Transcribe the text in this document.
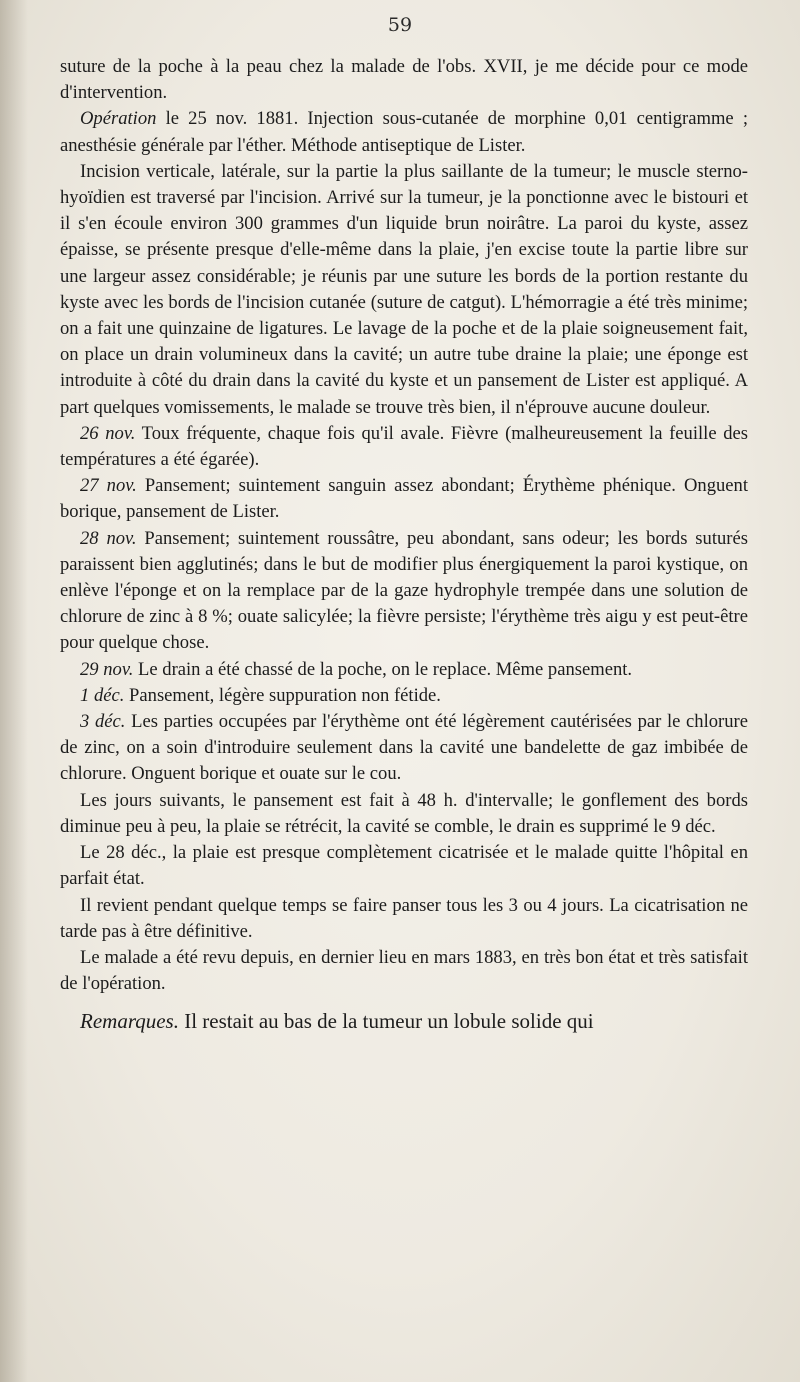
59

suture de la poche à la peau chez la malade de l'obs. XVII, je me décide pour ce mode d'intervention.

Opération le 25 nov. 1881. Injection sous-cutanée de morphine 0,01 centigramme ; anesthésie générale par l'éther. Méthode antiseptique de Lister.

Incision verticale, latérale, sur la partie la plus saillante de la tumeur; le muscle sterno-hyoïdien est traversé par l'incision. Arrivé sur la tumeur, je la ponctionne avec le bistouri et il s'en écoule environ 300 grammes d'un liquide brun noirâtre. La paroi du kyste, assez épaisse, se présente presque d'elle-même dans la plaie, j'en excise toute la partie libre sur une largeur assez considérable; je réunis par une suture les bords de la portion restante du kyste avec les bords de l'incision cutanée (suture de catgut). L'hémorragie a été très minime; on a fait une quinzaine de ligatures. Le lavage de la poche et de la plaie soigneusement fait, on place un drain volumineux dans la cavité; un autre tube draine la plaie; une éponge est introduite à côté du drain dans la cavité du kyste et un pansement de Lister est appliqué. A part quelques vomissements, le malade se trouve très bien, il n'éprouve aucune douleur.

26 nov. Toux fréquente, chaque fois qu'il avale. Fièvre (malheureusement la feuille des températures a été égarée).

27 nov. Pansement; suintement sanguin assez abondant; Érythème phénique. Onguent borique, pansement de Lister.

28 nov. Pansement; suintement roussâtre, peu abondant, sans odeur; les bords suturés paraissent bien agglutinés; dans le but de modifier plus énergiquement la paroi kystique, on enlève l'éponge et on la remplace par de la gaze hydrophyle trempée dans une solution de chlorure de zinc à 8 %; ouate salicylée; la fièvre persiste; l'érythème très aigu y est peut-être pour quelque chose.

29 nov. Le drain a été chassé de la poche, on le replace. Même pansement.

1 déc. Pansement, légère suppuration non fétide.

3 déc. Les parties occupées par l'érythème ont été légèrement cautérisées par le chlorure de zinc, on a soin d'introduire seulement dans la cavité une bandelette de gaz imbibée de chlorure. Onguent borique et ouate sur le cou.

Les jours suivants, le pansement est fait à 48 h. d'intervalle; le gonflement des bords diminue peu à peu, la plaie se rétrécit, la cavité se comble, le drain es supprimé le 9 déc.

Le 28 déc., la plaie est presque complètement cicatrisée et le malade quitte l'hôpital en parfait état.

Il revient pendant quelque temps se faire panser tous les 3 ou 4 jours. La cicatrisation ne tarde pas à être définitive.

Le malade a été revu depuis, en dernier lieu en mars 1883, en très bon état et très satisfait de l'opération.

Remarques. Il restait au bas de la tumeur un lobule solide qui
